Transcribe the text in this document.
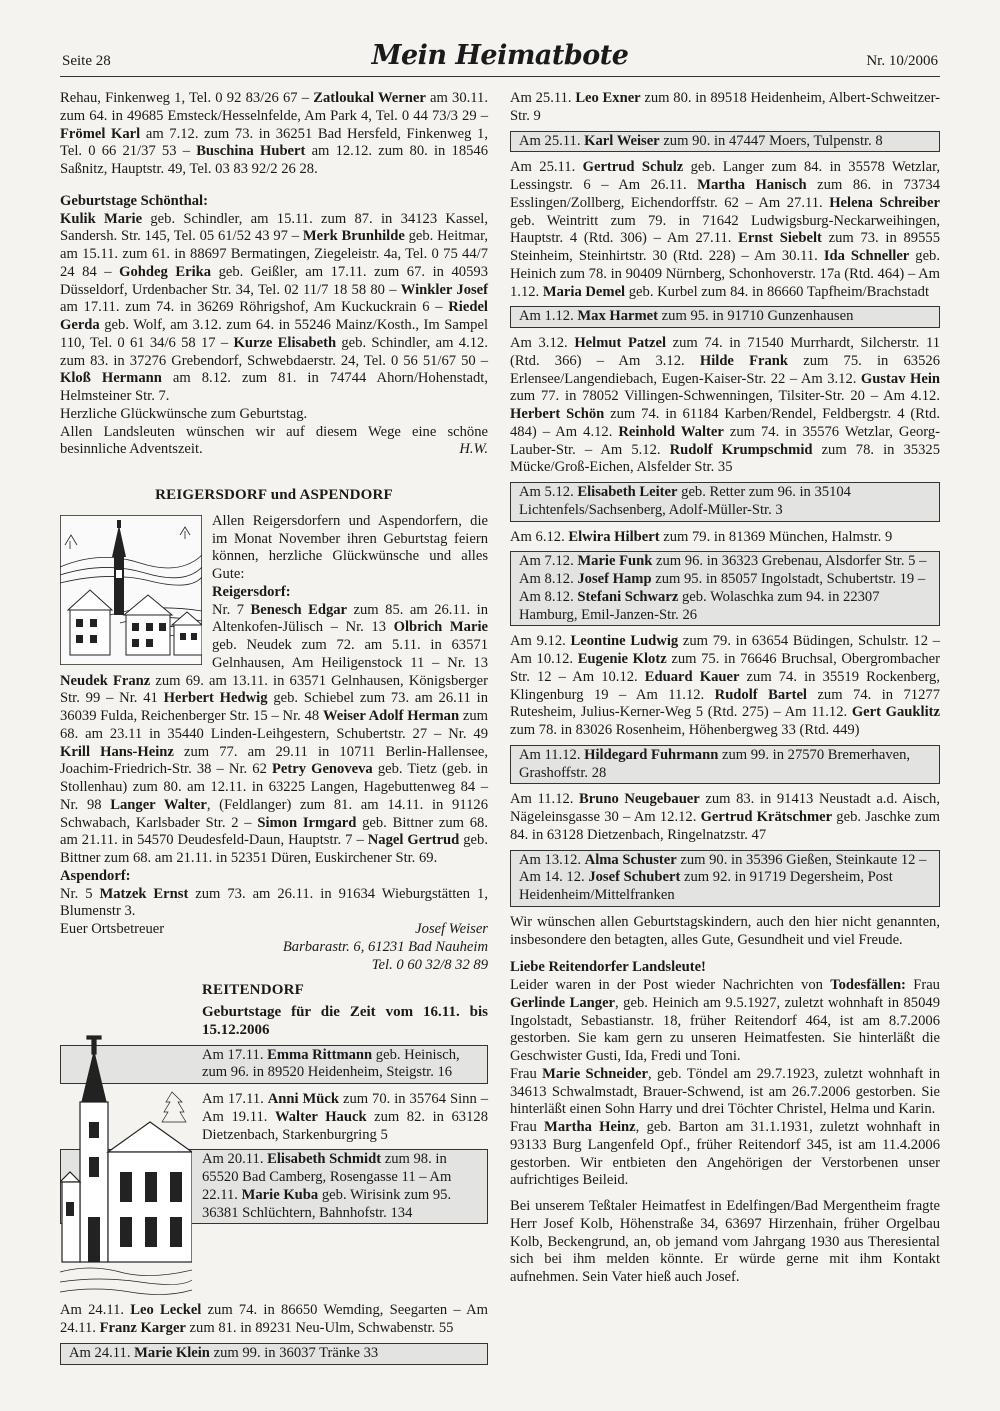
Seite 28	Mein Heimatbote	Nr. 10/2006

Rehau, Finkenweg 1, Tel. 0 92 83/26 67 – Zatloukal Werner am 30.11. zum 64. in 49685 Emsteck/Hesselnfelde, Am Park 4, Tel. 0 44 73/3 29 – Frömel Karl am 7.12. zum 73. in 36251 Bad Hersfeld, Finkenweg 1, Tel. 0 66 21/37 53 – Buschina Hubert am 12.12. zum 80. in 18546 Saßnitz, Hauptstr. 49, Tel. 03 83 92/2 26 28.

Geburtstage Schönthal:

Kulik Marie geb. Schindler, am 15.11. zum 87. in 34123 Kassel, Sandersh. Str. 145, Tel. 05 61/52 43 97 – Merk Brunhilde geb. Heitmar, am 15.11. zum 61. in 88697 Bermatingen, Ziegeleistr. 4a, Tel. 0 75 44/7 24 84 – Gohdeg Erika geb. Geißler, am 17.11. zum 67. in 40593 Düsseldorf, Urdenbacher Str. 34, Tel. 02 11/7 18 58 80 – Winkler Josef am 17.11. zum 74. in 36269 Röhrigshof, Am Kuckuckrain 6 – Riedel Gerda geb. Wolf, am 3.12. zum 64. in 55246 Mainz/Kosth., Im Sampel 110, Tel. 0 61 34/6 58 17 – Kurze Elisabeth geb. Schindler, am 4.12. zum 83. in 37276 Grebendorf, Schwebdaerstr. 24, Tel. 0 56 51/67 50 – Kloß Hermann am 8.12. zum 81. in 74744 Ahorn/Hohenstadt, Helmsteiner Str. 7.

Herzliche Glückwünsche zum Geburtstag.

Allen Landsleuten wünschen wir auf diesem Wege eine schöne besinnliche Adventszeit.	H.W.

REIGERSDORF und ASPENDORF

Allen Reigersdorfern und Aspendorfern, die im Monat November ihren Geburtstag feiern können, herzliche Glückwünsche und alles Gute:

Reigersdorf:

Nr. 7 Benesch Edgar zum 85. am 26.11. in Altenkofen-Jülisch – Nr. 13 Olbrich Marie geb. Neudek zum 72. am 5.11. in 63571 Gelnhausen, Am Heiligenstock 11 – Nr. 13 Neudek Franz zum 69. am 13.11. in 63571 Gelnhausen, Königsberger Str. 99 – Nr. 41 Herbert Hedwig geb. Schiebel zum 73. am 26.11 in 36039 Fulda, Reichenberger Str. 15 – Nr. 48 Weiser Adolf Herman zum 68. am 23.11 in 35440 Linden-Leihgestern, Schubertstr. 27 – Nr. 49 Krill Hans-Heinz zum 77. am 29.11 in 10711 Berlin-Hallensee, Joachim-Friedrich-Str. 38 – Nr. 62 Petry Genoveva geb. Tietz (geb. in Stollenhau) zum 80. am 12.11. in 63225 Langen, Hagebuttenweg 84 – Nr. 98 Langer Walter, (Feldlanger) zum 81. am 14.11. in 91126 Schwabach, Karlsbader Str. 2 – Simon Irmgard geb. Bittner zum 68. am 21.11. in 54570 Deudesfeld-Daun, Hauptstr. 7 – Nagel Gertrud geb. Bittner zum 68. am 21.11. in 52351 Düren, Euskirchener Str. 69.

Aspendorf:

Nr. 5 Matzek Ernst zum 73. am 26.11. in 91634 Wieburgstätten 1, Blumenstr 3.

Euer Ortsbetreuer	Josef Weiser

Barbarastr. 6, 61231 Bad Nauheim

Tel. 0 60 32/8 32 89

REITENDORF

Geburtstage für die Zeit vom 16.11. bis 15.12.2006

Am 17.11. Emma Rittmann geb. Heinisch, zum 96. in 89520 Heidenheim, Steigstr. 16

Am 17.11. Anni Mück zum 70. in 35764 Sinn – Am 19.11. Walter Hauck zum 82. in 63128 Dietzenbach, Starkenburgring 5

Am 20.11. Elisabeth Schmidt zum 98. in 65520 Bad Camberg, Rosengasse 11 – Am 22.11. Marie Kuba geb. Wirisink zum 95. 36381 Schlüchtern, Bahnhofstr. 134

Am 24.11. Leo Leckel zum 74. in 86650 Wemding, Seegarten – Am 24.11. Franz Karger zum 81. in 89231 Neu-Ulm, Schwabenstr. 55

Am 24.11. Marie Klein zum 99. in 36037 Tränke 33

Am 25.11. Leo Exner zum 80. in 89518 Heidenheim, Albert-Schweitzer-Str. 9

Am 25.11. Karl Weiser zum 90. in 47447 Moers, Tulpenstr. 8

Am 25.11. Gertrud Schulz geb. Langer zum 84. in 35578 Wetzlar, Lessingstr. 6 – Am 26.11. Martha Hanisch zum 86. in 73734 Esslingen/Zollberg, Eichendorffstr. 62 – Am 27.11. Helena Schreiber geb. Weintritt zum 79. in 71642 Ludwigsburg-Neckarweihingen, Hauptstr. 4 (Rtd. 306) – Am 27.11. Ernst Siebelt zum 73. in 89555 Steinheim, Steinhirtstr. 30 (Rtd. 228) – Am 30.11. Ida Schneller geb. Heinich zum 78. in 90409 Nürnberg, Schonhoverstr. 17a (Rtd. 464) – Am 1.12. Maria Demel geb. Kurbel zum 84. in 86660 Tapfheim/Brachstadt

Am 1.12. Max Harmet zum 95. in 91710 Gunzenhausen

Am 3.12. Helmut Patzel zum 74. in 71540 Murrhardt, Silcherstr. 11 (Rtd. 366) – Am 3.12. Hilde Frank zum 75. in 63526 Erlensee/Langendiebach, Eugen-Kaiser-Str. 22 – Am 3.12. Gustav Hein zum 77. in 78052 Villingen-Schwenningen, Tilsiter-Str. 20 – Am 4.12. Herbert Schön zum 74. in 61184 Karben/Rendel, Feldbergstr. 4 (Rtd. 484) – Am 4.12. Reinhold Walter zum 74. in 35576 Wetzlar, Georg-Lauber-Str. – Am 5.12. Rudolf Krumpschmid zum 78. in 35325 Mücke/Groß-Eichen, Alsfelder Str. 35

Am 5.12. Elisabeth Leiter geb. Retter zum 96. in 35104 Lichtenfels/Sachsenberg, Adolf-Müller-Str. 3

Am 6.12. Elwira Hilbert zum 79. in 81369 München, Halmstr. 9

Am 7.12. Marie Funk zum 96. in 36323 Grebenau, Alsdorfer Str. 5 – Am 8.12. Josef Hamp zum 95. in 85057 Ingolstadt, Schubertstr. 19 – Am 8.12. Stefani Schwarz geb. Wolaschka zum 94. in 22307 Hamburg, Emil-Janzen-Str. 26

Am 9.12. Leontine Ludwig zum 79. in 63654 Büdingen, Schulstr. 12 – Am 10.12. Eugenie Klotz zum 75. in 76646 Bruchsal, Obergrombacher Str. 12 – Am 10.12. Eduard Kauer zum 74. in 35519 Rockenberg, Klingenburg 19 – Am 11.12. Rudolf Bartel zum 74. in 71277 Rutesheim, Julius-Kerner-Weg 5 (Rtd. 275) – Am 11.12. Gert Gauklitz zum 78. in 83026 Rosenheim, Höhenbergweg 33 (Rtd. 449)

Am 11.12. Hildegard Fuhrmann zum 99. in 27570 Bremerhaven, Grashoffstr. 28

Am 11.12. Bruno Neugebauer zum 83. in 91413 Neustadt a.d. Aisch, Nägeleinsgasse 30 – Am 12.12. Gertrud Krätschmer geb. Jaschke zum 84. in 63128 Dietzenbach, Ringelnatzstr. 47

Am 13.12. Alma Schuster zum 90. in 35396 Gießen, Steinkaute 12 – Am 14. 12. Josef Schubert zum 92. in 91719 Degersheim, Post Heidenheim/Mittelfranken

Wir wünschen allen Geburtstagskindern, auch den hier nicht genannten, insbesondere den betagten, alles Gute, Gesundheit und viel Freude.

Liebe Reitendorfer Landsleute!

Leider waren in der Post wieder Nachrichten von Todesfällen: Frau Gerlinde Langer, geb. Heinich am 9.5.1927, zuletzt wohnhaft in 85049 Ingolstadt, Sebastianstr. 18, früher Reitendorf 464, ist am 8.7.2006 gestorben. Sie kam gern zu unseren Heimatfesten. Sie hinterläßt die Geschwister Gusti, Ida, Fredi und Toni.

Frau Marie Schneider, geb. Töndel am 29.7.1923, zuletzt wohnhaft in 34613 Schwalmstadt, Brauer-Schwend, ist am 26.7.2006 gestorben. Sie hinterläßt einen Sohn Harry und drei Töchter Christel, Helma und Karin.

Frau Martha Heinz, geb. Barton am 31.1.1931, zuletzt wohnhaft in 93133 Burg Langenfeld Opf., früher Reitendorf 345, ist am 11.4.2006 gestorben. Wir entbieten den Angehörigen der Verstorbenen unser aufrichtiges Beileid.

Bei unserem Teßtaler Heimatfest in Edelfingen/Bad Mergentheim fragte Herr Josef Kolb, Höhenstraße 34, 63697 Hirzenhain, früher Orgelbau Kolb, Beckengrund, an, ob jemand vom Jahrgang 1930 aus Theresiental sich bei ihm melden könnte. Er würde gerne mit ihm Kontakt aufnehmen. Sein Vater hieß auch Josef.
